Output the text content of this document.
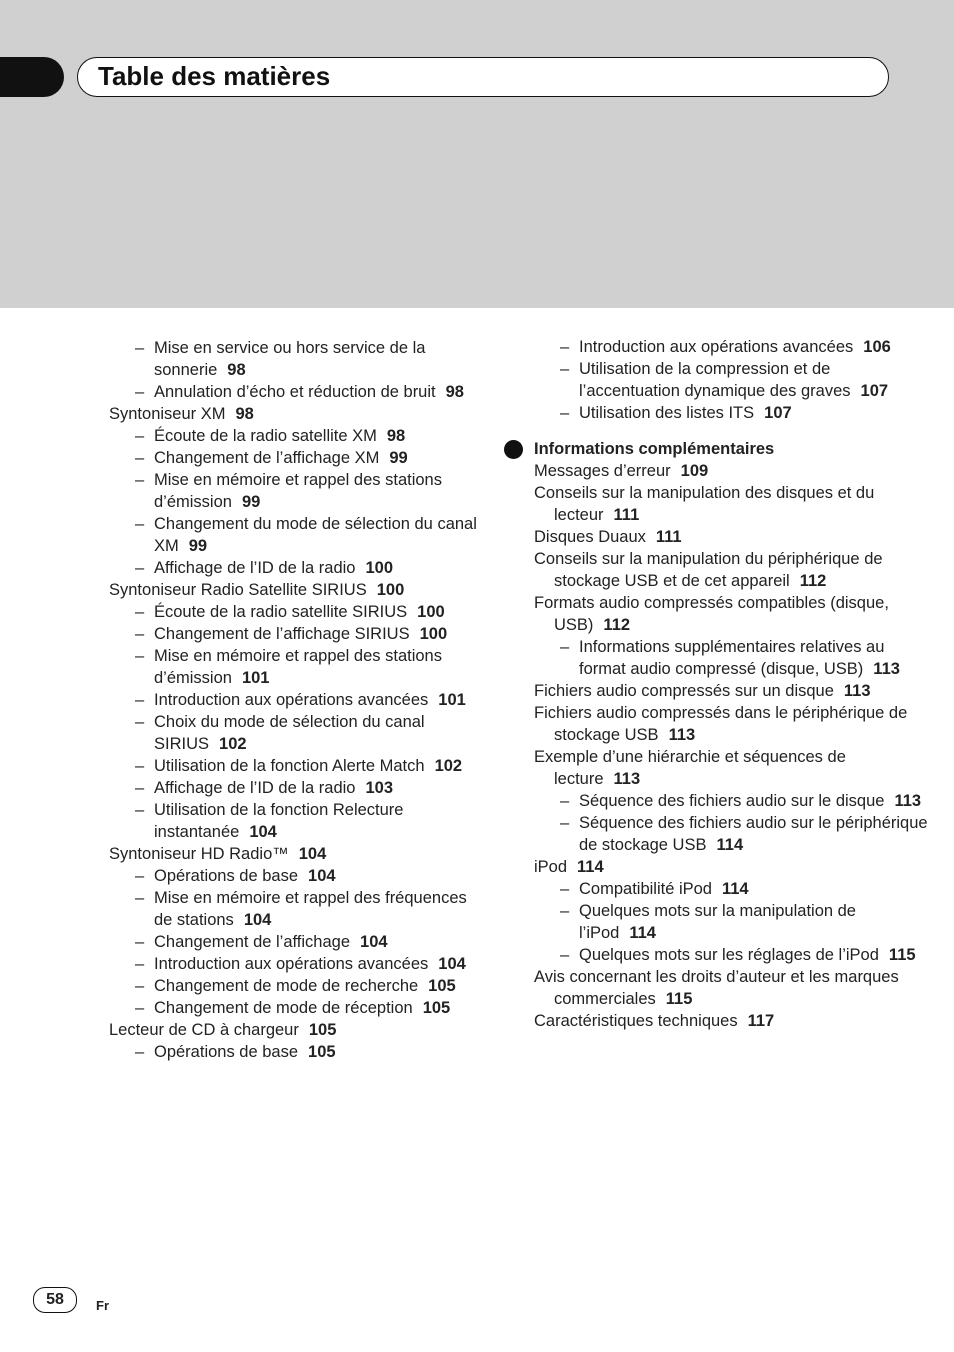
Table des matières
– Mise en service ou hors service de la sonnerie 98
– Annulation d’écho et réduction de bruit 98
Syntoniseur XM 98
– Écoute de la radio satellite XM 98
– Changement de l’affichage XM 99
– Mise en mémoire et rappel des stations d’émission 99
– Changement du mode de sélection du canal XM 99
– Affichage de l’ID de la radio 100
Syntoniseur Radio Satellite SIRIUS 100
– Écoute de la radio satellite SIRIUS 100
– Changement de l’affichage SIRIUS 100
– Mise en mémoire et rappel des stations d’émission 101
– Introduction aux opérations avancées 101
– Choix du mode de sélection du canal SIRIUS 102
– Utilisation de la fonction Alerte Match 102
– Affichage de l’ID de la radio 103
– Utilisation de la fonction Relecture instantanée 104
Syntoniseur HD Radio™ 104
– Opérations de base 104
– Mise en mémoire et rappel des fréquences de stations 104
– Changement de l’affichage 104
– Introduction aux opérations avancées 104
– Changement de mode de recherche 105
– Changement de mode de réception 105
Lecteur de CD à chargeur 105
– Opérations de base 105
– Introduction aux opérations avancées 106
– Utilisation de la compression et de l’accentuation dynamique des graves 107
– Utilisation des listes ITS 107
Informations complémentaires
Messages d’erreur 109
Conseils sur la manipulation des disques et du lecteur 111
Disques Duaux 111
Conseils sur la manipulation du périphérique de stockage USB et de cet appareil 112
Formats audio compressés compatibles (disque, USB) 112
– Informations supplémentaires relatives au format audio compressé (disque, USB) 113
Fichiers audio compressés sur un disque 113
Fichiers audio compressés dans le périphérique de stockage USB 113
Exemple d’une hiérarchie et séquences de lecture 113
– Séquence des fichiers audio sur le disque 113
– Séquence des fichiers audio sur le périphérique de stockage USB 114
iPod 114
– Compatibilité iPod 114
– Quelques mots sur la manipulation de l’iPod 114
– Quelques mots sur les réglages de l’iPod 115
Avis concernant les droits d’auteur et les marques commerciales 115
Caractéristiques techniques 117
58	Fr
